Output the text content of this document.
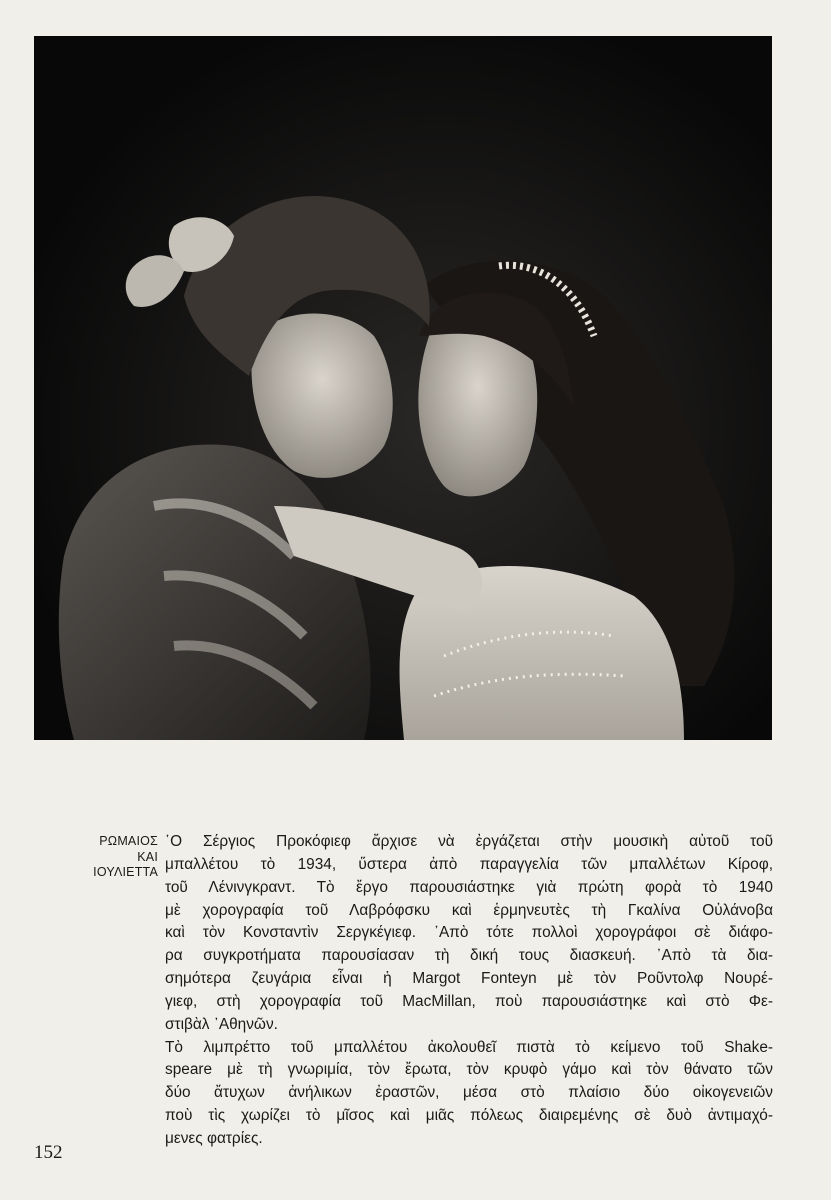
ΡΩΜΑΙΟΣ
ΚΑΙ
ΙΟΥΛΙΕΤΤΑ
῾Ο Σέργιος Προκόφιεφ ἄρχισε νὰ ἐργάζεται στὴν μουσικὴ αὐτοῦ τοῦ
μπαλλέτου τὸ 1934, ὕστερα ἀπὸ παραγγελία τῶν μπαλλέτων Κίροφ,
τοῦ Λένινγκραντ. Τὸ ἔργο παρουσιάστηκε γιὰ πρώτη φορὰ τὸ 1940
μὲ χορογραφία τοῦ Λαβρόφσκυ καὶ ἑρμηνευτὲς τὴ Γκαλίνα Οὐλάνοβα
καὶ τὸν Κονσταντὶν Σεργκέγιεφ. ᾽Απὸ τότε πολλοὶ χορογράφοι σὲ διάφο-
ρα συγκροτήματα παρουσίασαν τὴ δική τους διασκευή. ᾽Απὸ τὰ δια-
σημότερα ζευγάρια εἶναι ἡ Margot Fonteyn μὲ τὸν Ροῦντολφ Νουρέ-
γιεφ, στὴ χορογραφία τοῦ MacMillan, ποὺ παρουσιάστηκε καὶ στὸ Φε-
στιβὰλ ᾽Αθηνῶν.
Τὸ λιμπρέττο τοῦ μπαλλέτου ἀκολουθεῖ πιστὰ τὸ κείμενο τοῦ Shake-
speare μὲ τὴ γνωριμία, τὸν ἔρωτα, τὸν κρυφὸ γάμο καὶ τὸν θάνατο τῶν
δύο ἄτυχων ἀνήλικων ἐραστῶν, μέσα στὸ πλαίσιο δύο οἰκογενειῶν
ποὺ τὶς χωρίζει τὸ μῖσος καὶ μιᾶς πόλεως διαιρεμένης σὲ δυὸ ἀντιμαχό-
μενες φατρίες.
152
